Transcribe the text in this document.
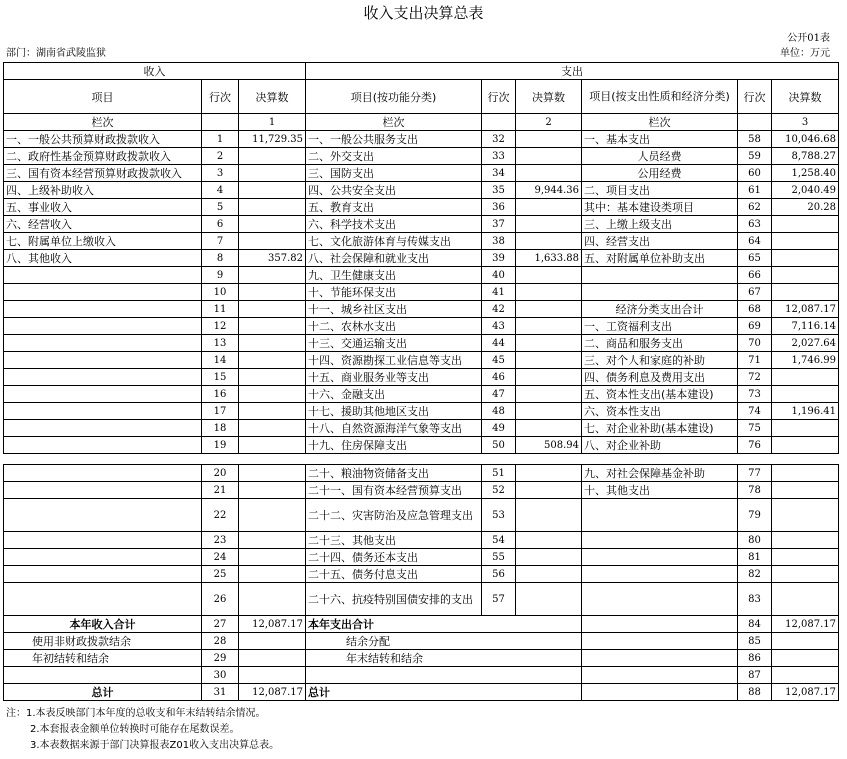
收入支出决算总表
公开01表
部门：湖南省武陵监狱	单位：万元
收入			支出					
项目	行次	决算数	项目(按功能分类)	行次	决算数	项目(按支出性质和经济分类)	行次	决算数
栏次		1	栏次		2	栏次		3
一、一般公共预算财政拨款收入	1	11,729.35	一、一般公共服务支出	32		一、基本支出	58	10,046.68
二、政府性基金预算财政拨款收入	2		二、外交支出	33		人员经费	59	8,788.27
三、国有资本经营预算财政拨款收入	3		三、国防支出	34		公用经费	60	1,258.40
四、上级补助收入	4		四、公共安全支出	35	9,944.36	二、项目支出	61	2,040.49
五、事业收入	5		五、教育支出	36		其中：基本建设类项目	62	20.28
六、经营收入	6		六、科学技术支出	37		三、上缴上级支出	63	
七、附属单位上缴收入	7		七、文化旅游体育与传媒支出	38		四、经营支出	64	
八、其他收入	8	357.82	八、社会保障和就业支出	39	1,633.88	五、对附属单位补助支出	65	
	9		九、卫生健康支出	40			66	
	10		十、节能环保支出	41			67	
	11		十一、城乡社区支出	42		经济分类支出合计	68	12,087.17
	12		十二、农林水支出	43		一、工资福利支出	69	7,116.14
	13		十三、交通运输支出	44		二、商品和服务支出	70	2,027.64
	14		十四、资源勘探工业信息等支出	45		三、对个人和家庭的补助	71	1,746.99
	15		十五、商业服务业等支出	46		四、债务利息及费用支出	72	
	16		十六、金融支出	47		五、资本性支出(基本建设)	73	
	17		十七、援助其他地区支出	48		六、资本性支出	74	1,196.41
	18		十八、自然资源海洋气象等支出	49		七、对企业补助(基本建设)	75	
	19		十九、住房保障支出	50	508.94	八、对企业补助	76	
	20		二十、粮油物资储备支出	51		九、对社会保障基金补助	77	
	21		二十一、国有资本经营预算支出	52		十、其他支出	78	
	22		二十二、灾害防治及应急管理支出	53			79	
	23		二十三、其他支出	54			80	
	24		二十四、债务还本支出	55			81	
	25		二十五、债务付息支出	56			82	
	26		二十六、抗疫特别国债安排的支出	57			83	
本年收入合计	27	12,087.17	本年支出合计				84	12,087.17
使用非财政拨款结余	28		结余分配				85	
年初结转和结余	29		年末结转和结余				86	
	30						87	
总计	31	12,087.17	总计				88	12,087.17
注：1.本表反映部门本年度的总收支和年末结转结余情况。
2.本套报表金额单位转换时可能存在尾数误差。
3.本表数据来源于部门决算报表Z01收入支出决算总表。
